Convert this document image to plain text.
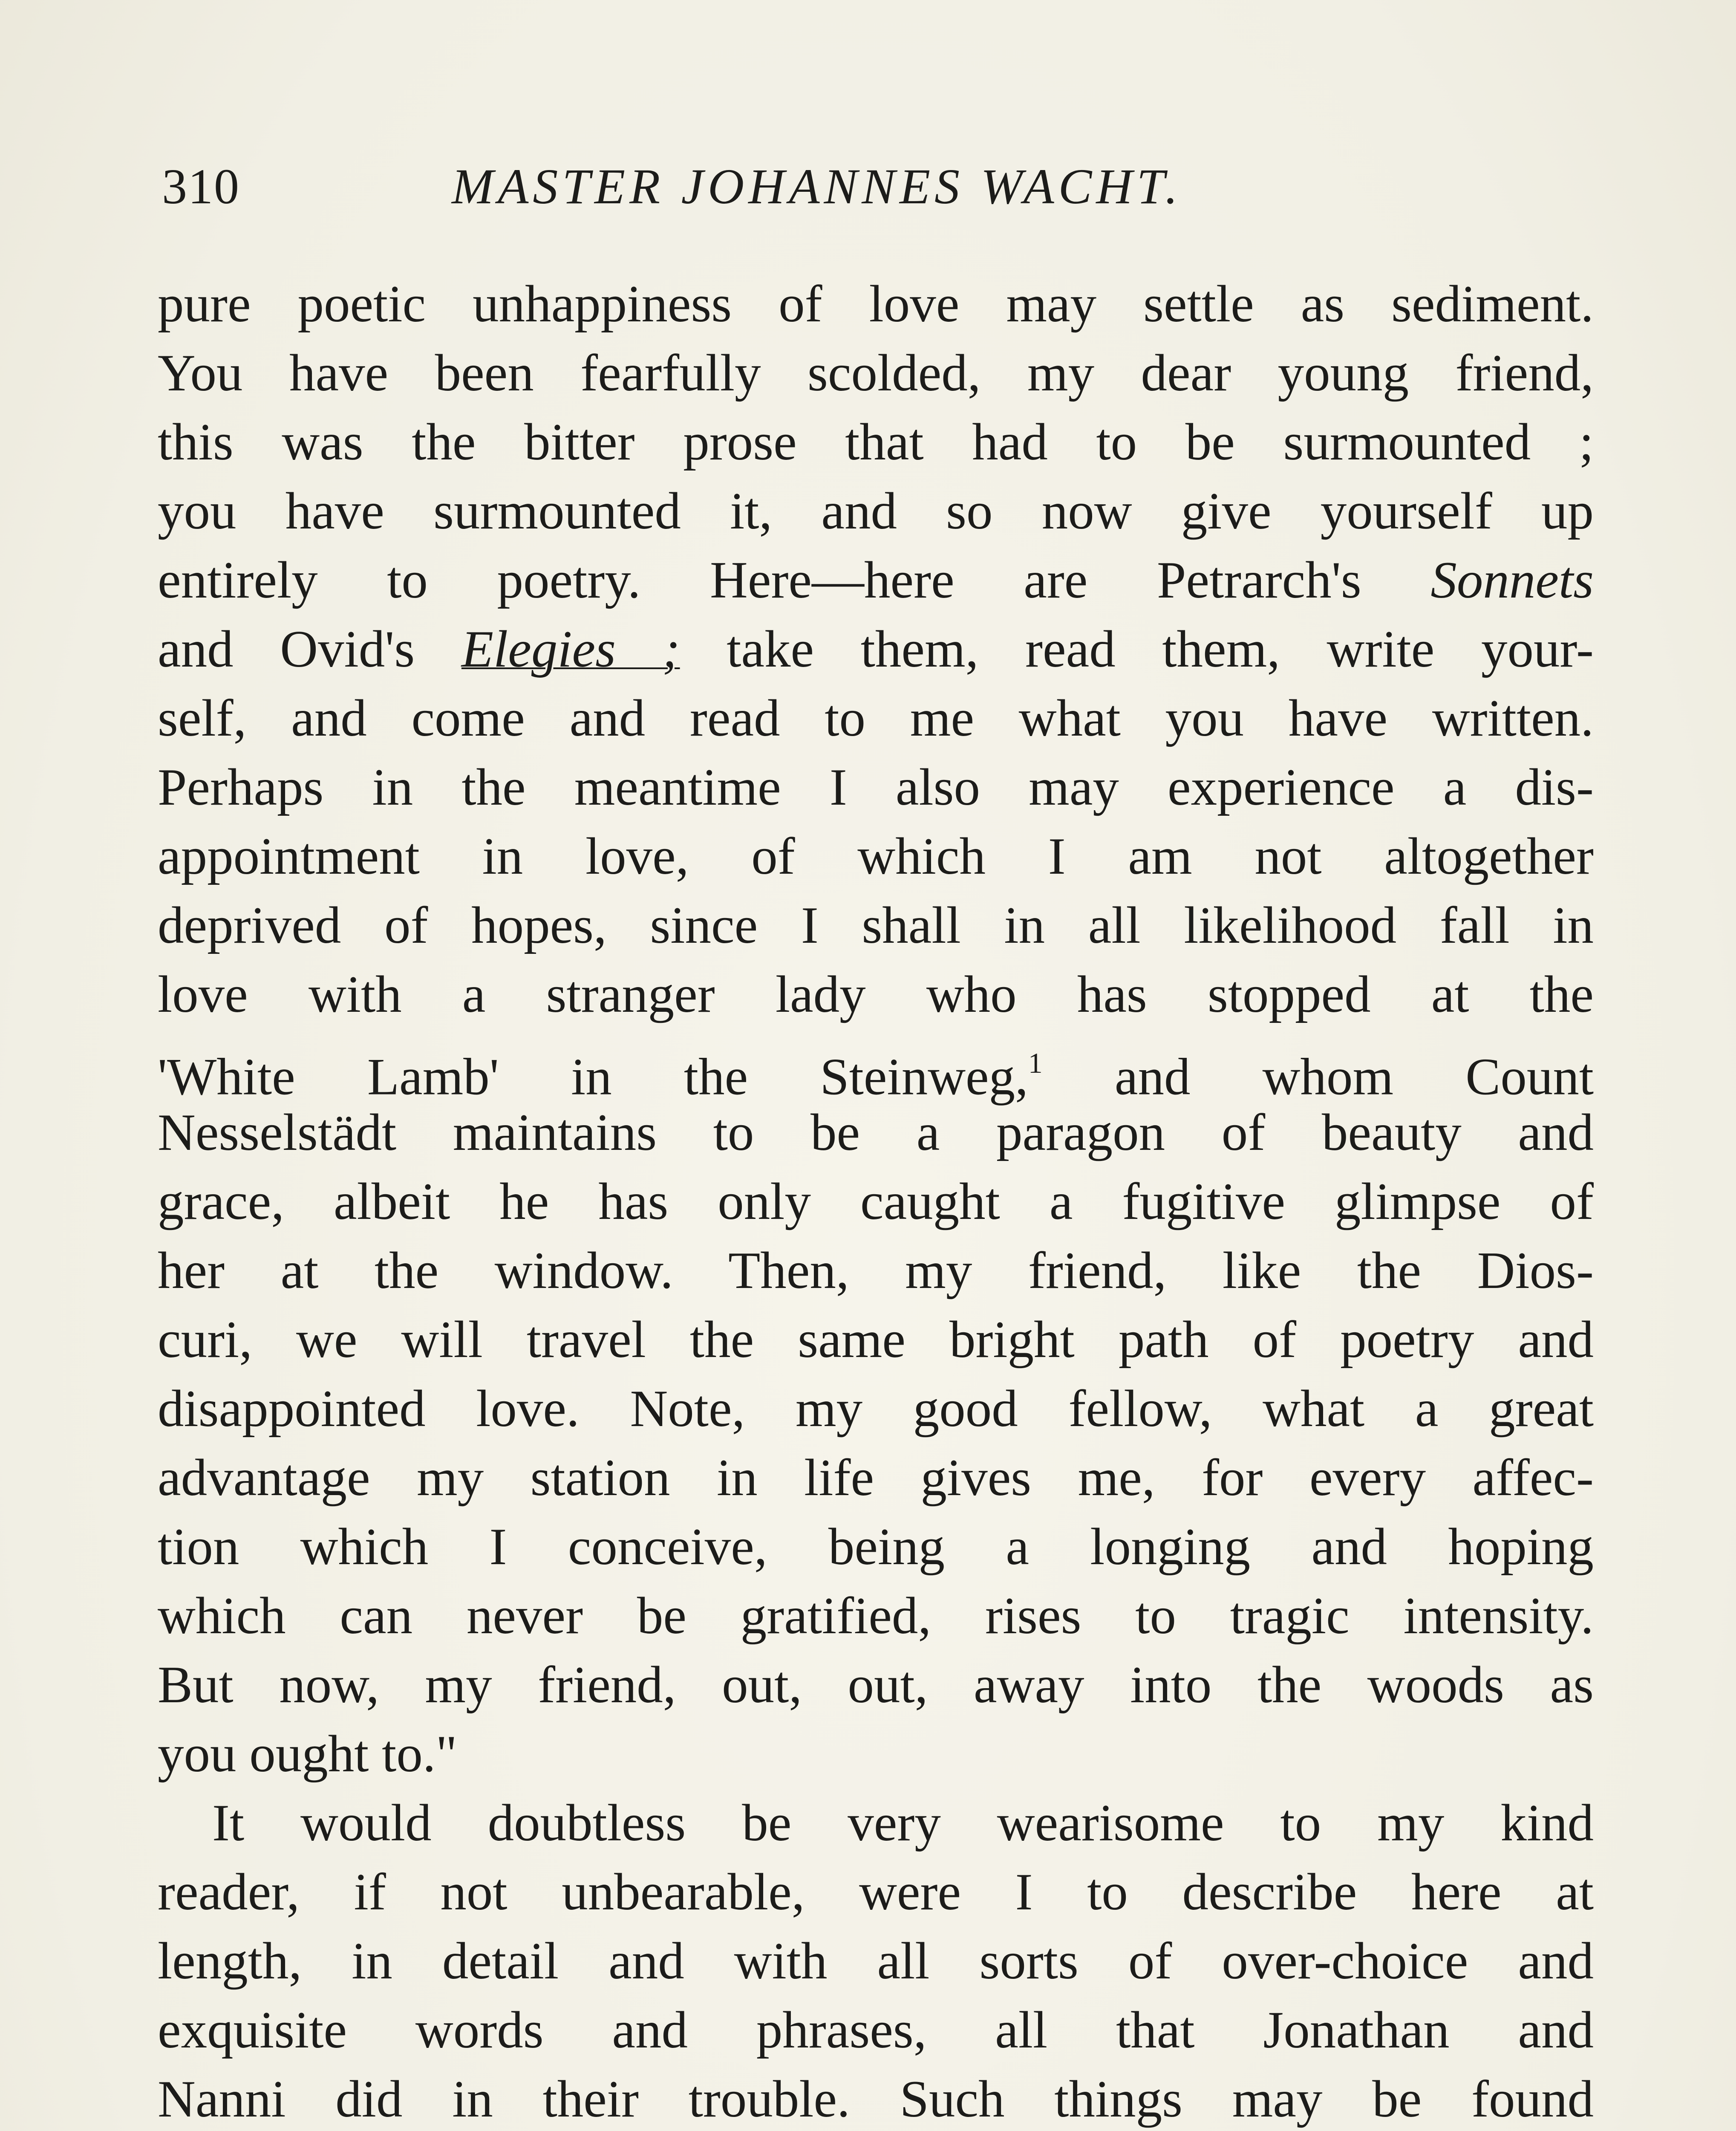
310	MASTER JOHANNES WACHT.
pure poetic unhappiness of love may settle as sediment.
You have been fearfully scolded, my dear young friend,
this was the bitter prose that had to be surmounted ;
you have surmounted it, and so now give yourself up
entirely to poetry. Here—here are Petrarch's Sonnets
and Ovid's Elegies ; take them, read them, write your-
self, and come and read to me what you have written.
Perhaps in the meantime I also may experience a dis-
appointment in love, of which I am not altogether
deprived of hopes, since I shall in all likelihood fall in
love with a stranger lady who has stopped at the
'White Lamb' in the Steinweg,$^1$ and whom Count
Nesselstädt maintains to be a paragon of beauty and
grace, albeit he has only caught a fugitive glimpse of
her at the window. Then, my friend, like the Dios-
curi, we will travel the same bright path of poetry and
disappointed love. Note, my good fellow, what a great
advantage my station in life gives me, for every affec-
tion which I conceive, being a longing and hoping
which can never be gratified, rises to tragic intensity.
But now, my friend, out, out, away into the woods as
you ought to."
It would doubtless be very wearisome to my kind
reader, if not unbearable, were I to describe here at
length, in detail and with all sorts of over-choice and
exquisite words and phrases, all that Jonathan and
Nanni did in their trouble. Such things may be found
